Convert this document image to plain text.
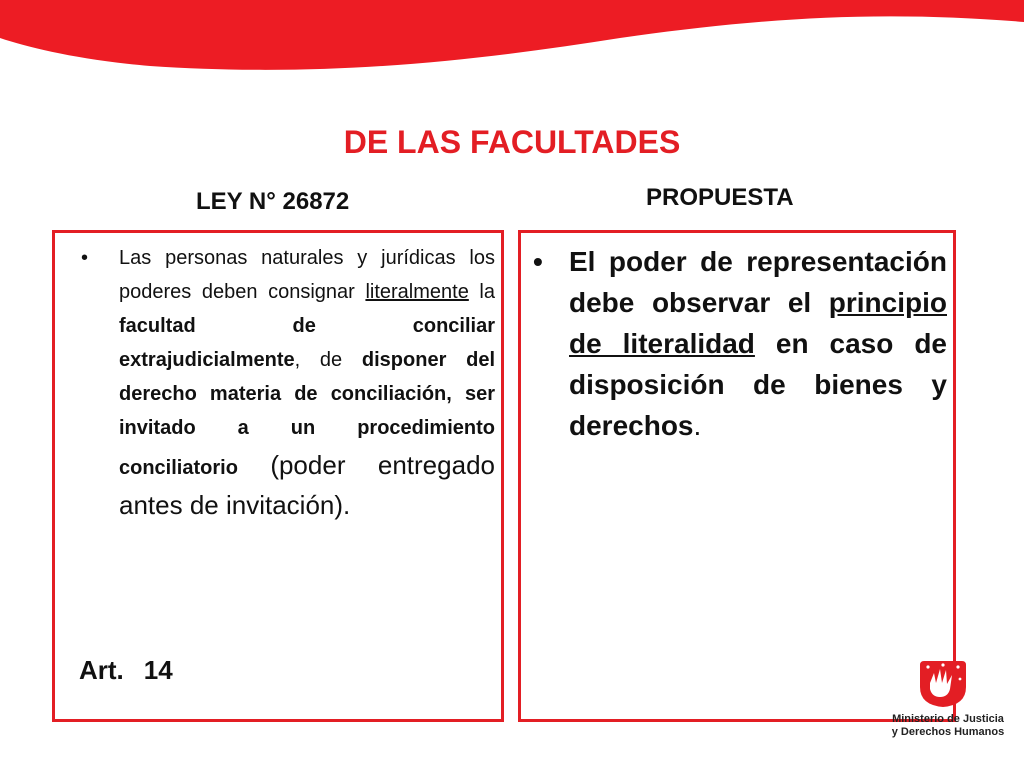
DE LAS FACULTADES
LEY N° 26872	PROPUESTA
•	Las personas naturales y jurídicas los poderes deben consignar literalmente la facultad de conciliar extrajudicialmente, de disponer del derecho materia de conciliación, ser invitado a un procedimiento conciliatorio (poder entregado antes de invitación).
Art. 14
• El poder de representación debe observar el principio de literalidad en caso de disposición de bienes y derechos.
Ministerio de Justicia
y Derechos Humanos
